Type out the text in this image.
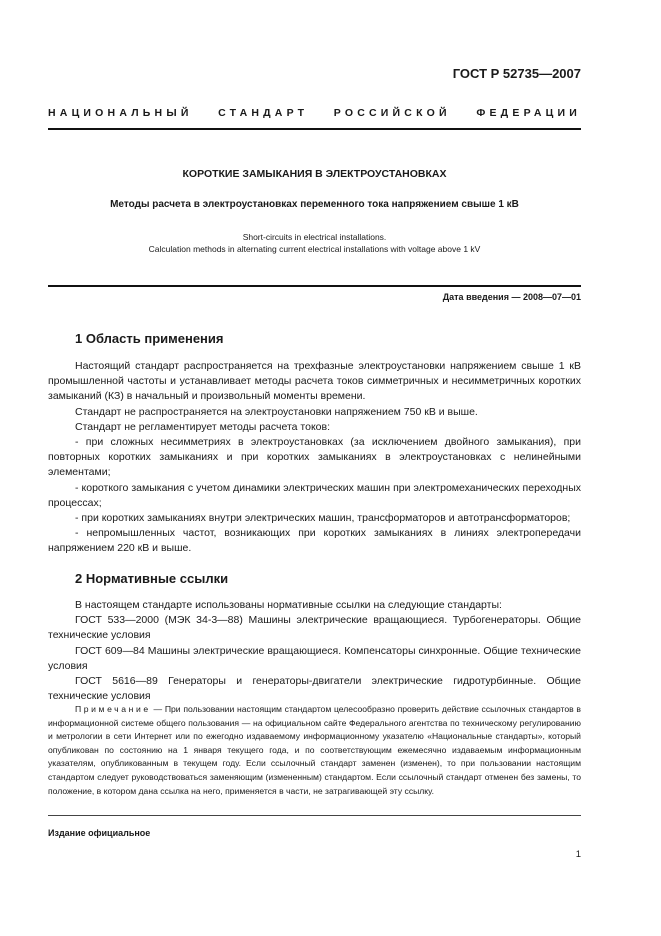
ГОСТ Р 52735—2007
НАЦИОНАЛЬНЫЙ СТАНДАРТ РОССИЙСКОЙ ФЕДЕРАЦИИ
КОРОТКИЕ ЗАМЫКАНИЯ В ЭЛЕКТРОУСТАНОВКАХ
Методы расчета в электроустановках переменного тока напряжением свыше 1 кВ
Short-circuits in electrical installations.
Calculation methods in alternating current electrical installations with voltage above 1 kV
Дата введения — 2008—07—01
1 Область применения

Настоящий стандарт распространяется на трехфазные электроустановки напряжением свыше 1 кВ промышленной частоты и устанавливает методы расчета токов симметричных и несимметричных коротких замыканий (КЗ) в начальный и произвольный моменты времени.

Стандарт не распространяется на электроустановки напряжением 750 кВ и выше.

Стандарт не регламентирует методы расчета токов:

- при сложных несимметриях в электроустановках (за исключением двойного замыкания), при повторных коротких замыканиях и при коротких замыканиях в электроустановках с нелинейными элементами;

- короткого замыкания с учетом динамики электрических машин при электромеханических переходных процессах;

- при коротких замыканиях внутри электрических машин, трансформаторов и автотрансформаторов;

- непромышленных частот, возникающих при коротких замыканиях в линиях электропередачи напряжением 220 кВ и выше.

2 Нормативные ссылки

В настоящем стандарте использованы нормативные ссылки на следующие стандарты:

ГОСТ 533—2000 (МЭК 34-3—88) Машины электрические вращающиеся. Турбогенераторы. Общие технические условия

ГОСТ 609—84 Машины электрические вращающиеся. Компенсаторы синхронные. Общие технические условия

ГОСТ 5616—89 Генераторы и генераторы-двигатели электрические гидротурбинные. Общие технические условия

Примечание — При пользовании настоящим стандартом целесообразно проверить действие ссылочных стандартов в информационной системе общего пользования — на официальном сайте Федерального агентства по техническому регулированию и метрологии в сети Интернет или по ежегодно издаваемому информационному указателю «Национальные стандарты», который опубликован по состоянию на 1 января текущего года, и по соответствующим ежемесячно издаваемым информационным указателям, опубликованным в текущем году. Если ссылочный стандарт заменен (изменен), то при пользовании настоящим стандартом следует руководствоваться заменяющим (измененным) стандартом. Если ссылочный стандарт отменен без замены, то положение, в котором дана ссылка на него, применяется в части, не затрагивающей эту ссылку.

Издание официальное
1
